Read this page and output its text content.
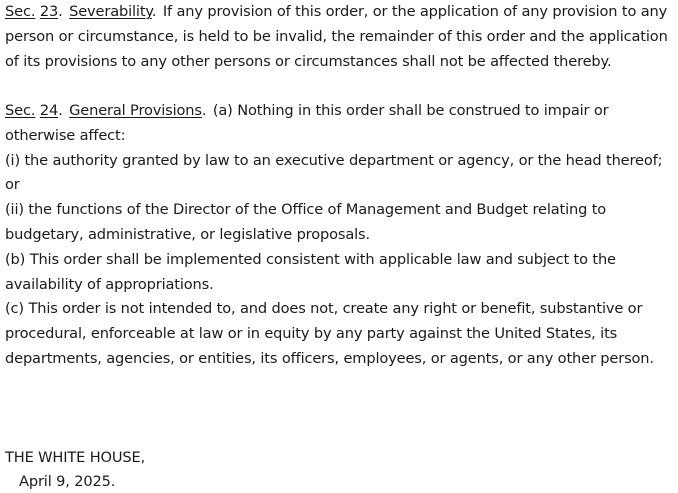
Sec. 23. Severability. If any provision of this order, or the application of any provision to any person or circumstance, is held to be invalid, the remainder of this order and the application of its provisions to any other persons or circumstances shall not be affected thereby.

Sec. 24. General Provisions. (a) Nothing in this order shall be construed to impair or otherwise affect:

(i) the authority granted by law to an executive department or agency, or the head thereof; or

(ii) the functions of the Director of the Office of Management and Budget relating to budgetary, administrative, or legislative proposals.

(b) This order shall be implemented consistent with applicable law and subject to the availability of appropriations.

(c) This order is not intended to, and does not, create any right or benefit, substantive or procedural, enforceable at law or in equity by any party against the United States, its departments, agencies, or entities, its officers, employees, or agents, or any other person.

THE WHITE HOUSE,
April 9, 2025.
